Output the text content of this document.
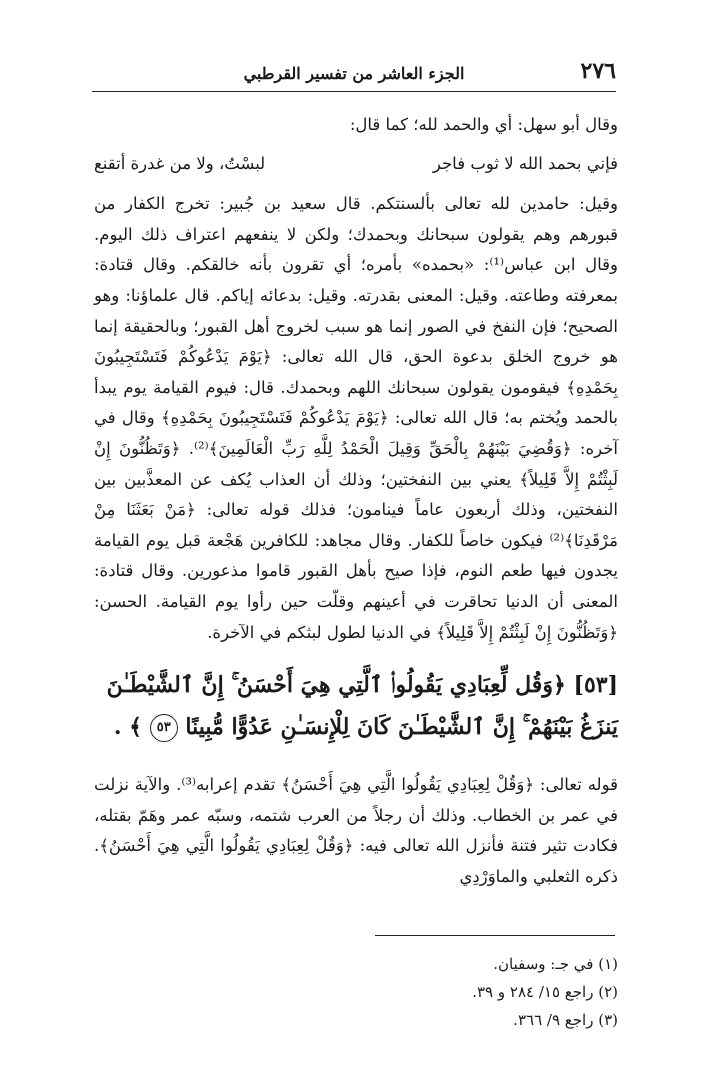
٢٧٦
الجزء العاشر من تفسير القرطبي

وقال أبو سهل: أي والحمد لله؛ كما قال:

فإني بحمد الله لا ثوب فاجر
لبسْتُ، ولا من غدرة أتقنع

وقيل: حامدين لله تعالى بألسنتكم. قال سعيد بن جُبير: تخرج الكفار من قبورهم وهم يقولون سبحانك وبحمدك؛ ولكن لا ينفعهم اعتراف ذلك اليوم. وقال ابن عباس⁽¹⁾: «بحمده» بأمره؛ أي تقرون بأنه خالقكم. وقال قتادة: بمعرفته وطاعته. وقيل: المعنى بقدرته. وقيل: بدعائه إياكم. قال علماؤنا: وهو الصحيح؛ فإن النفخ في الصور إنما هو سبب لخروج أهل القبور؛ وبالحقيقة إنما هو خروج الخلق بدعوة الحق، قال الله تعالى: ﴿يَوْمَ يَدْعُوكُمْ فَتَسْتَجِيبُونَ بِحَمْدِهِ﴾ فيقومون يقولون سبحانك اللهم وبحمدك. قال: فيوم القيامة يوم يبدأ بالحمد ويُختم به؛ قال الله تعالى: ﴿يَوْمَ يَدْعُوكُمْ فَتَسْتَجِيبُونَ بِحَمْدِهِ﴾ وقال في آخره: ﴿وَقُضِيَ بَيْنَهُمْ بِالْحَقِّ وَقِيلَ الْحَمْدُ لِلَّهِ رَبِّ الْعَالَمِينَ﴾⁽²⁾. ﴿وَتَظُنُّونَ إِنْ لَبِثْتُمْ إِلاَّ قَلِيلاً﴾ يعني بين النفختين؛ وذلك أن العذاب يُكف عن المعذَّبين بين النفختين، وذلك أربعون عاماً فينامون؛ فذلك قوله تعالى: ﴿مَنْ بَعَثَنَا مِنْ مَرْقَدِنَا﴾⁽²⁾ فيكون خاصاً للكفار. وقال مجاهد: للكافرين هَجْعة قبل يوم القيامة يجدون فيها طعم النوم، فإذا صيح بأهل القبور قاموا مذعورين. وقال قتادة: المعنى أن الدنيا تحاقرت في أعينهم وقلّت حين رأوا يوم القيامة. الحسن: ﴿وَتَظُنُّونَ إِنْ لَبِثْتُمْ إِلاَّ قَلِيلاً﴾ في الدنيا لطول لبثكم في الآخرة.

[٥٣] ﴿وَقُل لِّعِبَادِي يَقُولُوا۟ ٱلَّتِي هِيَ أَحْسَنُ ۚ إِنَّ ٱلشَّيْطَـٰنَ يَنزَغُ بَيْنَهُمْ ۚ إِنَّ ٱلشَّيْطَـٰنَ كَانَ لِلْإِنسَـٰنِ عَدُوًّا مُّبِينًا ٥٣ ﴾ .

قوله تعالى: ﴿وَقُلْ لِعِبَادِي يَقُولُوا الَّتِي هِيَ أَحْسَنُ﴾ تقدم إعرابه⁽³⁾. والآية نزلت في عمر بن الخطاب. وذلك أن رجلاً من العرب شتمه، وسبّه عمر وهَمّ بقتله، فكادت تثير فتنة فأنزل الله تعالى فيه: ﴿وَقُلْ لِعِبَادِي يَقُولُوا الَّتِي هِيَ أَحْسَنُ﴾. ذكره الثعلبي والماوَرْدِي

(١) في جـ: وسفيان.
(٢) راجع ١٥/ ٢٨٤ و ٣٩.
(٣) راجع ٩/ ٣٦٦.
